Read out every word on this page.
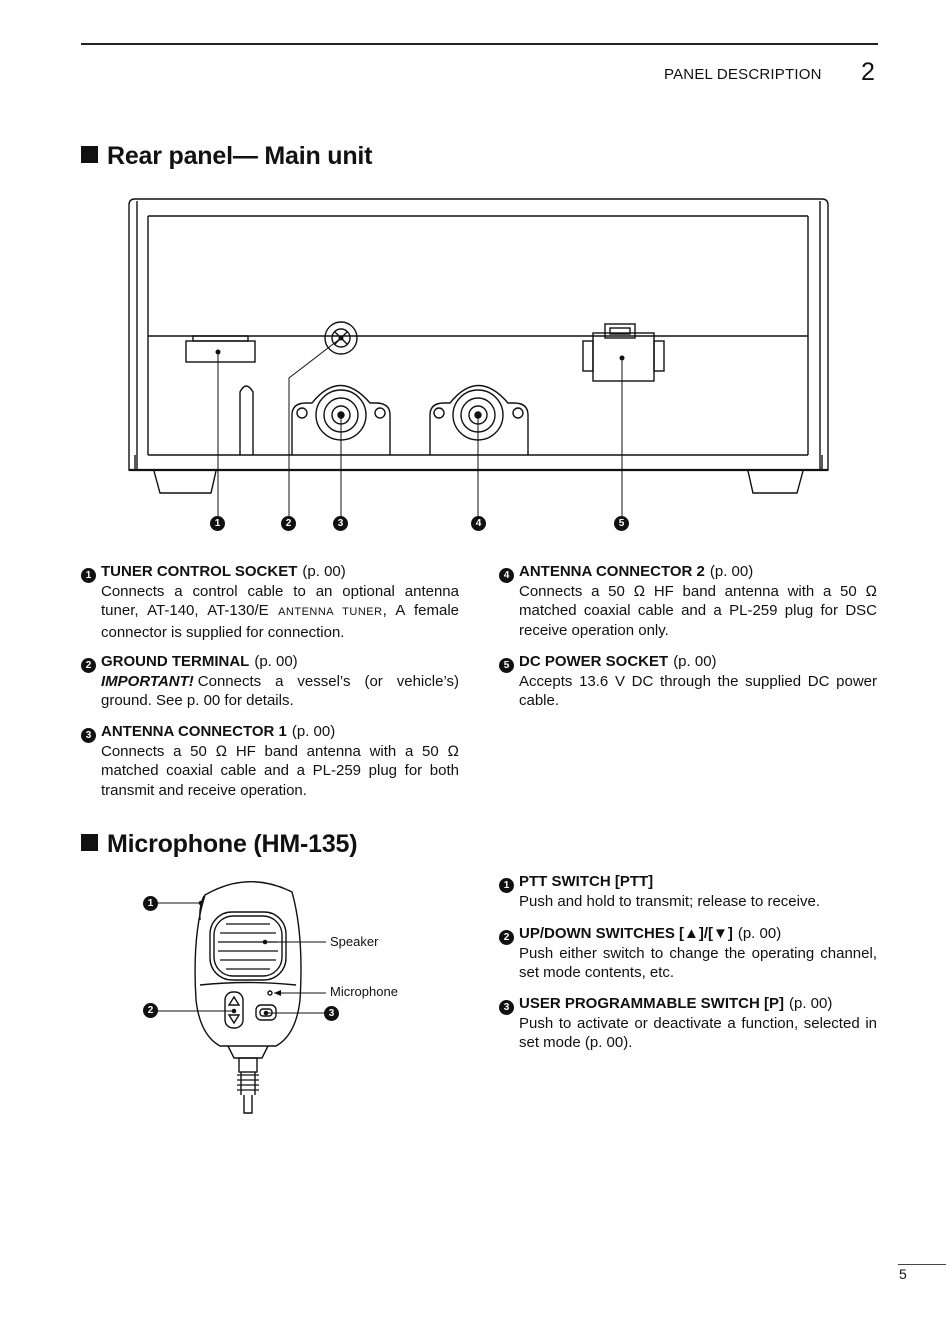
PANEL DESCRIPTION 2
Rear panel— Main unit
1	2	3	4	5
1 TUNER CONTROL SOCKET (p. 00)
Connects a control cable to an optional antenna tuner, AT-140, AT-130/E ANTENNA TUNER, A female connector is supplied for connection.
2 GROUND TERMINAL (p. 00)
IMPORTANT! Connects a vessel’s (or vehicle’s) ground. See p. 00 for details.
3 ANTENNA CONNECTOR 1 (p. 00)
Connects a 50 Ω HF band antenna with a 50 Ω matched coaxial cable and a PL-259 plug for both transmit and receive operation.
4 ANTENNA CONNECTOR 2 (p. 00)
Connects a 50 Ω HF band antenna with a 50 Ω matched coaxial cable and a PL-259 plug for DSC receive operation only.
5 DC POWER SOCKET (p. 00)
Accepts 13.6 V DC through the supplied DC power cable.
Microphone (HM-135)
1
2	3
Speaker
Microphone
1 PTT SWITCH [PTT]
Push and hold to transmit; release to receive.
2 UP/DOWN SWITCHES [▲]/[▼] (p. 00)
Push either switch to change the operating channel, set mode contents, etc.
3 USER PROGRAMMABLE SWITCH [P] (p. 00)
Push to activate or deactivate a function, selected in set mode (p. 00).
5
